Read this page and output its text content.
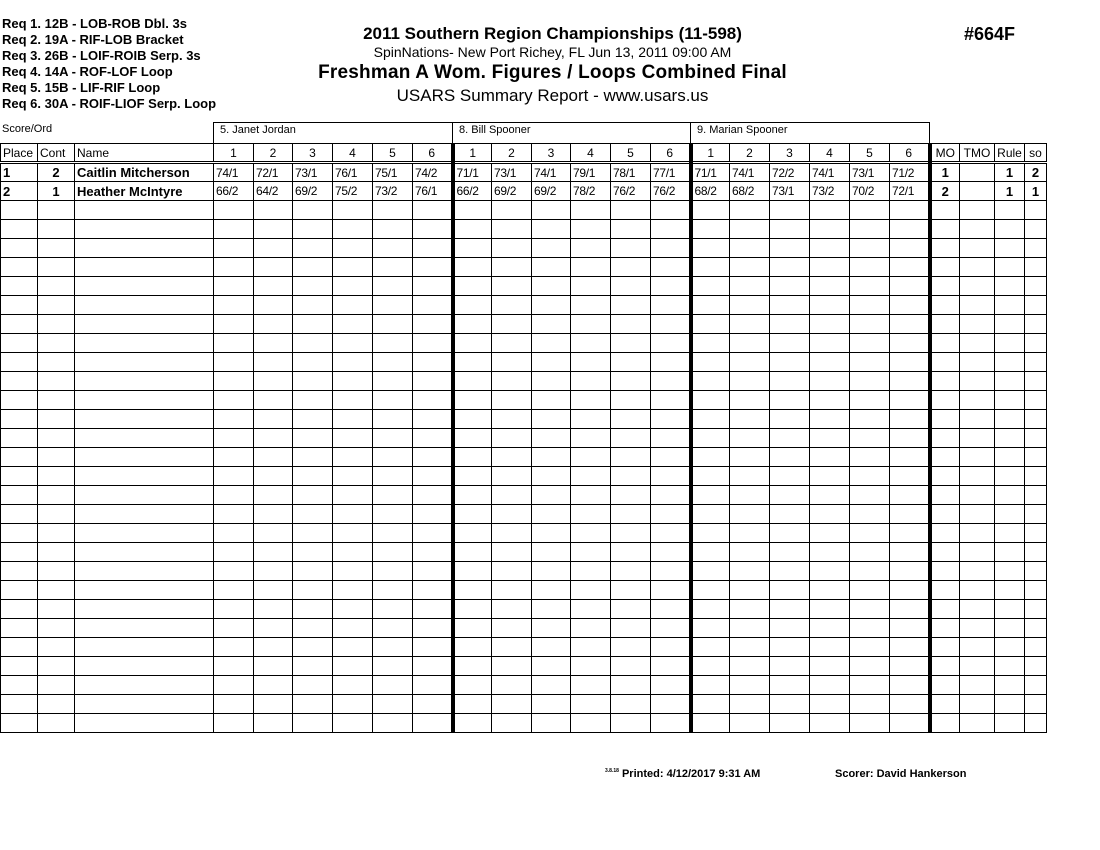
Req 1. 12B - LOB-ROB Dbl. 3s
Req 2. 19A - RIF-LOB Bracket
Req 3. 26B - LOIF-ROIB Serp. 3s
Req 4. 14A - ROF-LOF Loop
Req 5. 15B - LIF-RIF Loop
Req 6. 30A - ROIF-LIOF Serp. Loop
2011 Southern Region Championships (11-598)
SpinNations- New Port Richey, FL Jun 13, 2011 09:00 AM
Freshman A Wom. Figures / Loops Combined Final
USARS Summary Report - www.usars.us
#664F
Score/Ord	5. Janet Jordan	8. Bill Spooner	9. Marian Spooner
Place	Cont	Name	1	2	3	4	5	6	1	2	3	4	5	6	1	2	3	4	5	6	MO	TMO	Rule	so
1	2	Caitlin Mitcherson	74/1	72/1	73/1	76/1	75/1	74/2	71/1	73/1	74/1	79/1	78/1	77/1	71/1	74/1	72/2	74/1	73/1	71/2	1		1	2
2	1	Heather McIntyre	66/2	64/2	69/2	75/2	73/2	76/1	66/2	69/2	69/2	78/2	76/2	76/2	68/2	68/2	73/1	73/2	70/2	72/1	2		1	1

$^{3.8.18}$ Printed: 4/12/2017 9:31 AM	Scorer: David Hankerson
